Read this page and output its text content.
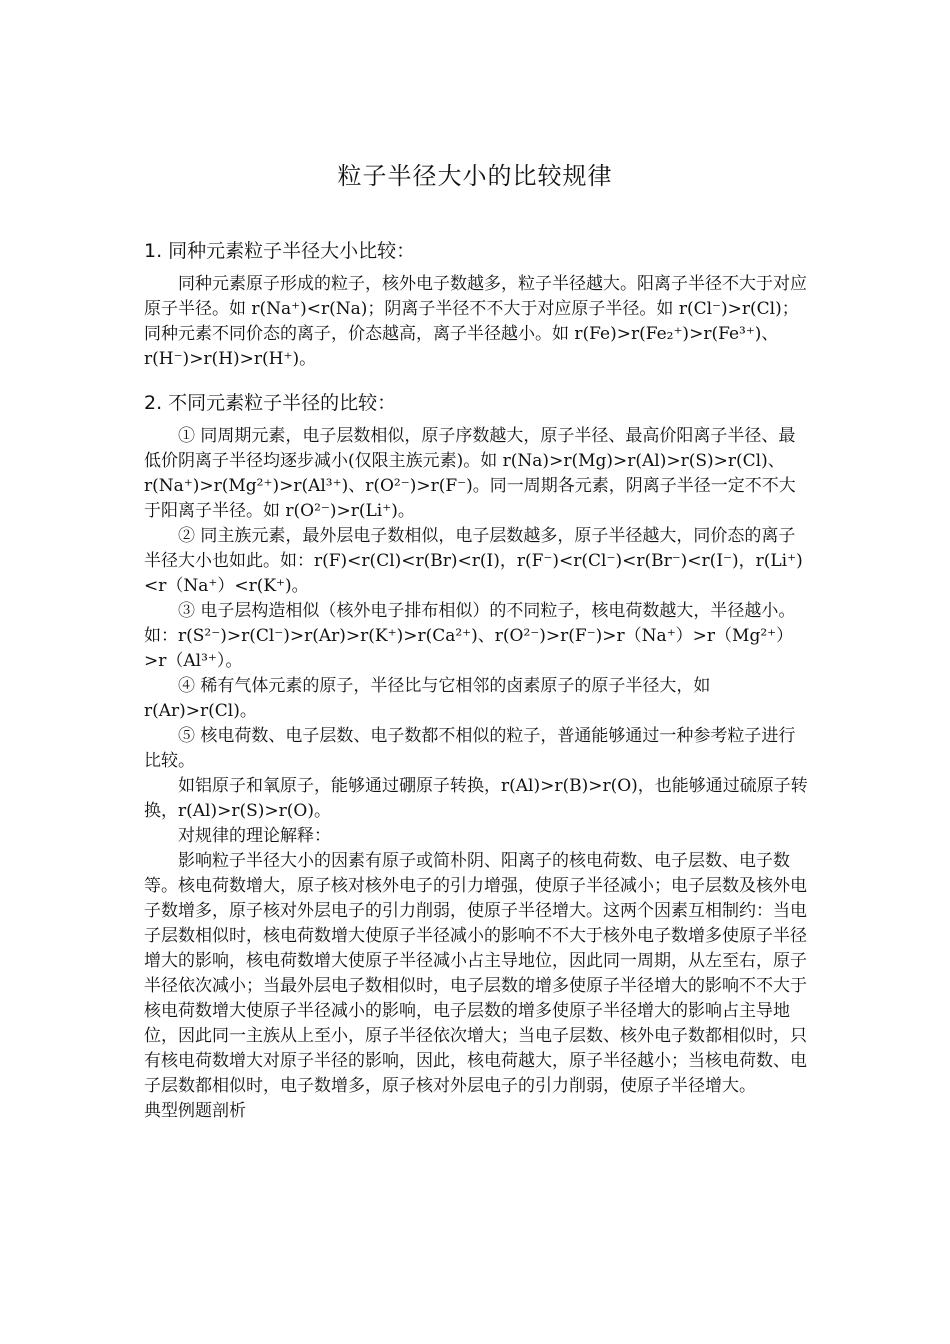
粒子半径大小的比较规律
1. 同种元素粒子半径大小比较：

同种元素原子形成的粒子，核外电子数越多，粒子半径越大。阳离子半径不大于对应原子半径。如 r(Na⁺)<r(Na)；阴离子半径不不大于对应原子半径。如 r(Cl⁻)>r(Cl)；同种元素不同价态的离子，价态越高，离子半径越小。如 r(Fe)>r(Fe₂⁺)>r(Fe³⁺)、r(H⁻)>r(H)>r(H⁺)。

2. 不同元素粒子半径的比较：

① 同周期元素，电子层数相似，原子序数越大，原子半径、最高价阳离子半径、最低价阴离子半径均逐步减小(仅限主族元素)。如 r(Na)>r(Mg)>r(Al)>r(S)>r(Cl)、r(Na⁺)>r(Mg²⁺)>r(Al³⁺)、r(O²⁻)>r(F⁻)。同一周期各元素，阴离子半径一定不不大于阳离子半径。如 r(O²⁻)>r(Li⁺)。

② 同主族元素，最外层电子数相似，电子层数越多，原子半径越大，同价态的离子半径大小也如此。如：r(F)<r(Cl)<r(Br)<r(I)，r(F⁻)<r(Cl⁻)<r(Br⁻)<r(I⁻)，r(Li⁺)<r（Na⁺）<r(K⁺)。

③ 电子层构造相似（核外电子排布相似）的不同粒子，核电荷数越大，半径越小。如：r(S²⁻)>r(Cl⁻)>r(Ar)>r(K⁺)>r(Ca²⁺)、r(O²⁻)>r(F⁻)>r（Na⁺）>r（Mg²⁺）>r（Al³⁺）。

④ 稀有气体元素的原子，半径比与它相邻的卤素原子的原子半径大，如 r(Ar)>r(Cl)。

⑤ 核电荷数、电子层数、电子数都不相似的粒子，普通能够通过一种参考粒子进行比较。

如铝原子和氧原子，能够通过硼原子转换，r(Al)>r(B)>r(O)，也能够通过硫原子转换，r(Al)>r(S)>r(O)。

对规律的理论解释：

影响粒子半径大小的因素有原子或简朴阴、阳离子的核电荷数、电子层数、电子数等。核电荷数增大，原子核对核外电子的引力增强，使原子半径减小；电子层数及核外电子数增多，原子核对外层电子的引力削弱，使原子半径增大。这两个因素互相制约：当电子层数相似时，核电荷数增大使原子半径减小的影响不不大于核外电子数增多使原子半径增大的影响，核电荷数增大使原子半径减小占主导地位，因此同一周期，从左至右，原子半径依次减小；当最外层电子数相似时，电子层数的增多使原子半径增大的影响不不大于核电荷数增大使原子半径减小的影响，电子层数的增多使原子半径增大的影响占主导地位，因此同一主族从上至小，原子半径依次增大；当电子层数、核外电子数都相似时，只有核电荷数增大对原子半径的影响，因此，核电荷越大，原子半径越小；当核电荷数、电子层数都相似时，电子数增多，原子核对外层电子的引力削弱，使原子半径增大。

典型例题剖析
